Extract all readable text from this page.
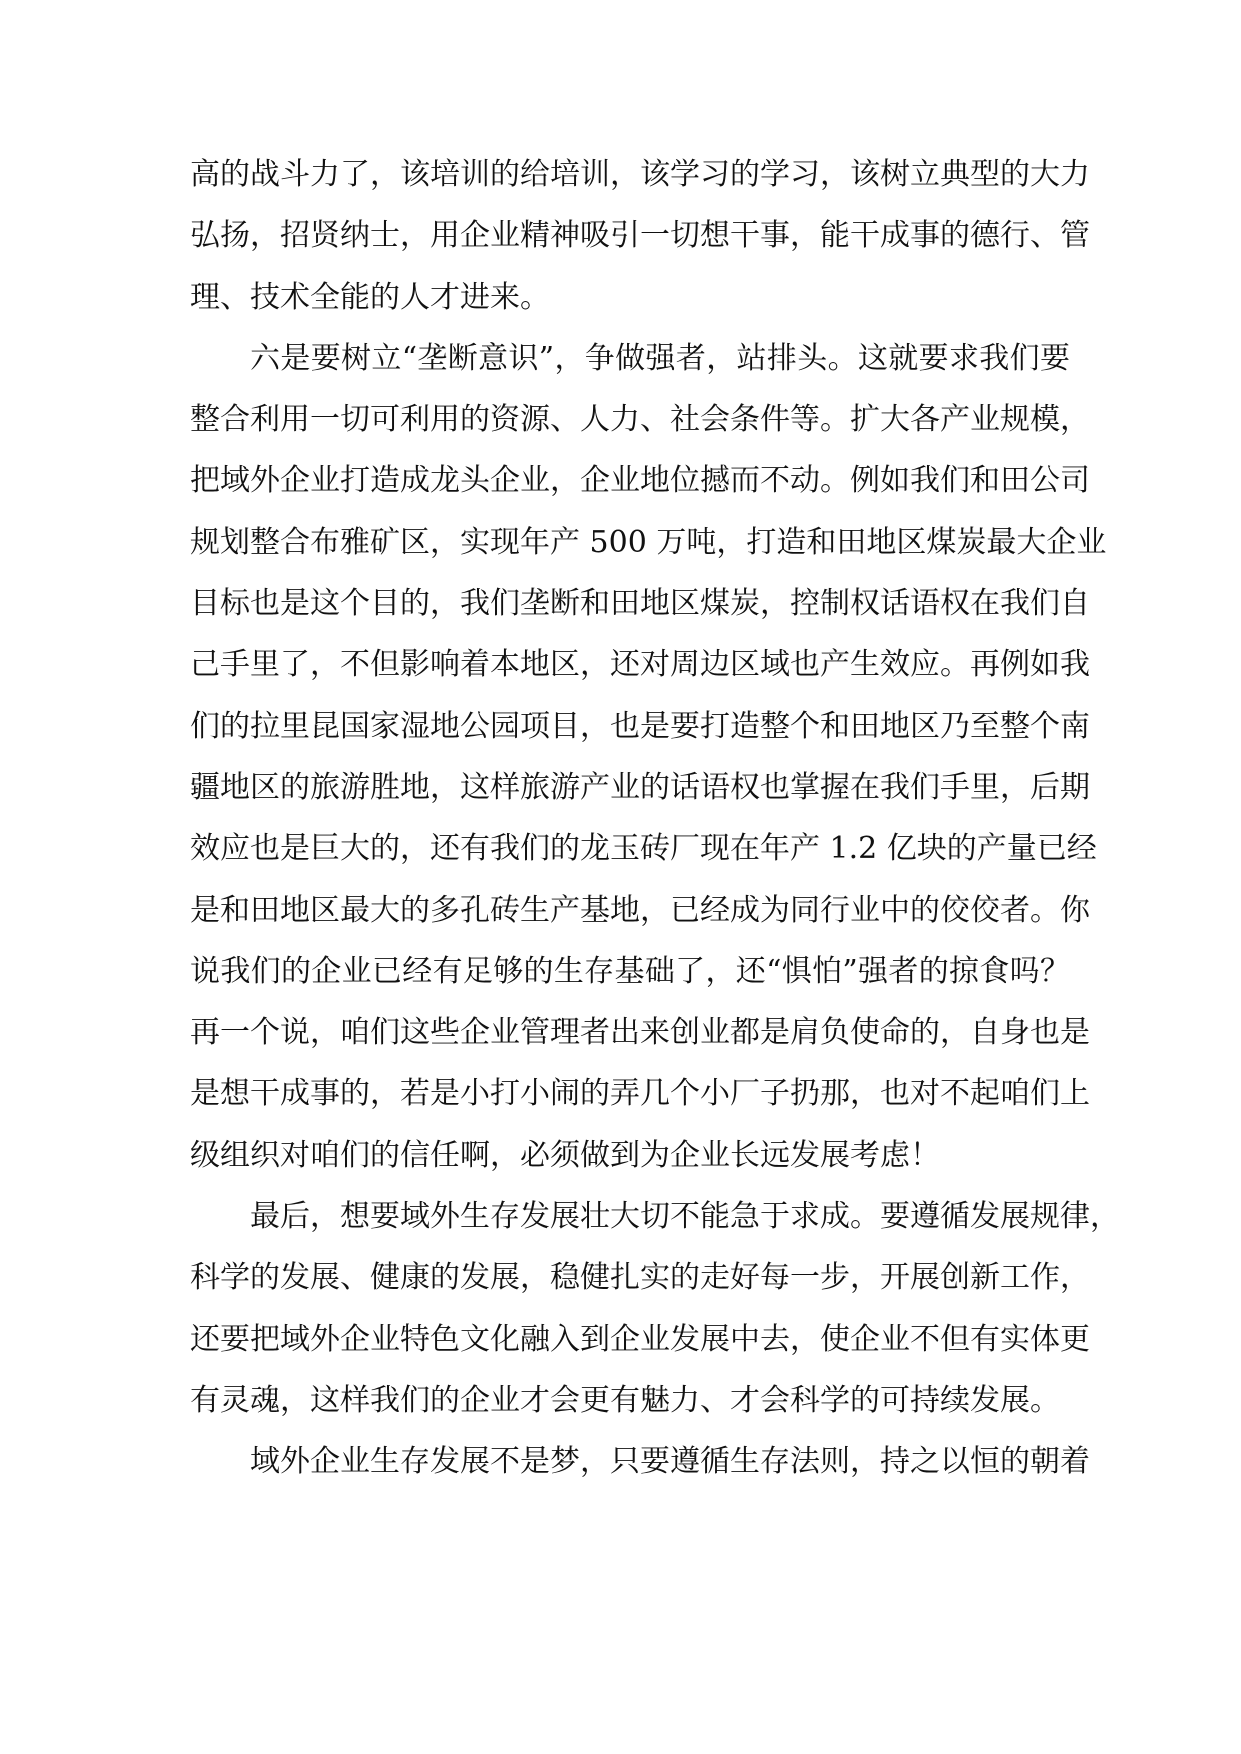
高的战斗力了，该培训的给培训，该学习的学习，该树立典型的大力
弘扬，招贤纳士，用企业精神吸引一切想干事，能干成事的德行、管
理、技术全能的人才进来。
六是要树立“垄断意识”，争做强者，站排头。这就要求我们要
整合利用一切可利用的资源、人力、社会条件等。扩大各产业规模，
把域外企业打造成龙头企业，企业地位撼而不动。例如我们和田公司
规划整合布雅矿区，实现年产 500 万吨，打造和田地区煤炭最大企业
目标也是这个目的，我们垄断和田地区煤炭，控制权话语权在我们自
己手里了，不但影响着本地区，还对周边区域也产生效应。再例如我
们的拉里昆国家湿地公园项目，也是要打造整个和田地区乃至整个南
疆地区的旅游胜地，这样旅游产业的话语权也掌握在我们手里，后期
效应也是巨大的，还有我们的龙玉砖厂现在年产 1.2 亿块的产量已经
是和田地区最大的多孔砖生产基地，已经成为同行业中的佼佼者。你
说我们的企业已经有足够的生存基础了，还“惧怕”强者的掠食吗？
再一个说，咱们这些企业管理者出来创业都是肩负使命的，自身也是
是想干成事的，若是小打小闹的弄几个小厂子扔那，也对不起咱们上
级组织对咱们的信任啊，必须做到为企业长远发展考虑！
最后，想要域外生存发展壮大切不能急于求成。要遵循发展规律，
科学的发展、健康的发展，稳健扎实的走好每一步，开展创新工作，
还要把域外企业特色文化融入到企业发展中去，使企业不但有实体更
有灵魂，这样我们的企业才会更有魅力、才会科学的可持续发展。
域外企业生存发展不是梦，只要遵循生存法则，持之以恒的朝着
